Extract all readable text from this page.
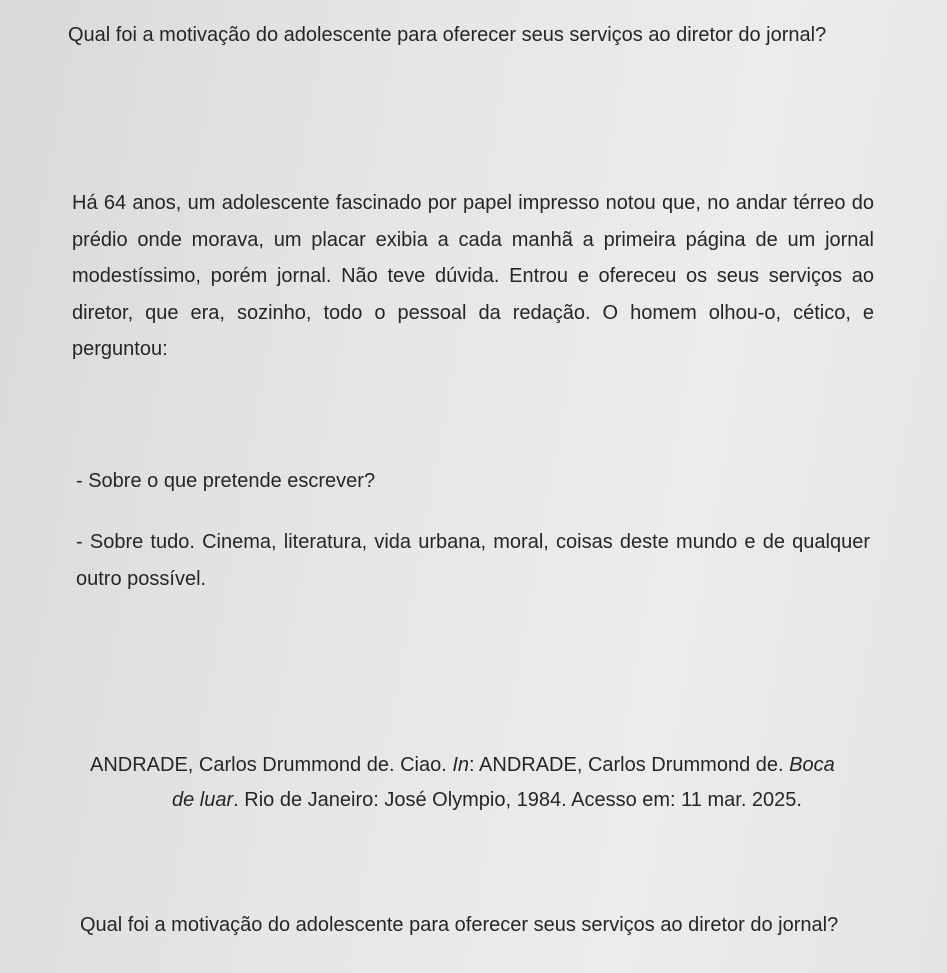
Qual foi a motivação do adolescente para oferecer seus serviços ao diretor do jornal?
Há 64 anos, um adolescente fascinado por papel impresso notou que, no andar térreo do prédio onde morava, um placar exibia a cada manhã a primeira página de um jornal modestíssimo, porém jornal. Não teve dúvida. Entrou e ofereceu os seus serviços ao diretor, que era, sozinho, todo o pessoal da redação. O homem olhou-o, cético, e perguntou:
- Sobre o que pretende escrever?
- Sobre tudo. Cinema, literatura, vida urbana, moral, coisas deste mundo e de qualquer outro possível.
ANDRADE, Carlos Drummond de. Ciao. In: ANDRADE, Carlos Drummond de. Boca
de luar. Rio de Janeiro: José Olympio, 1984. Acesso em: 11 mar. 2025.
Qual foi a motivação do adolescente para oferecer seus serviços ao diretor do jornal?
